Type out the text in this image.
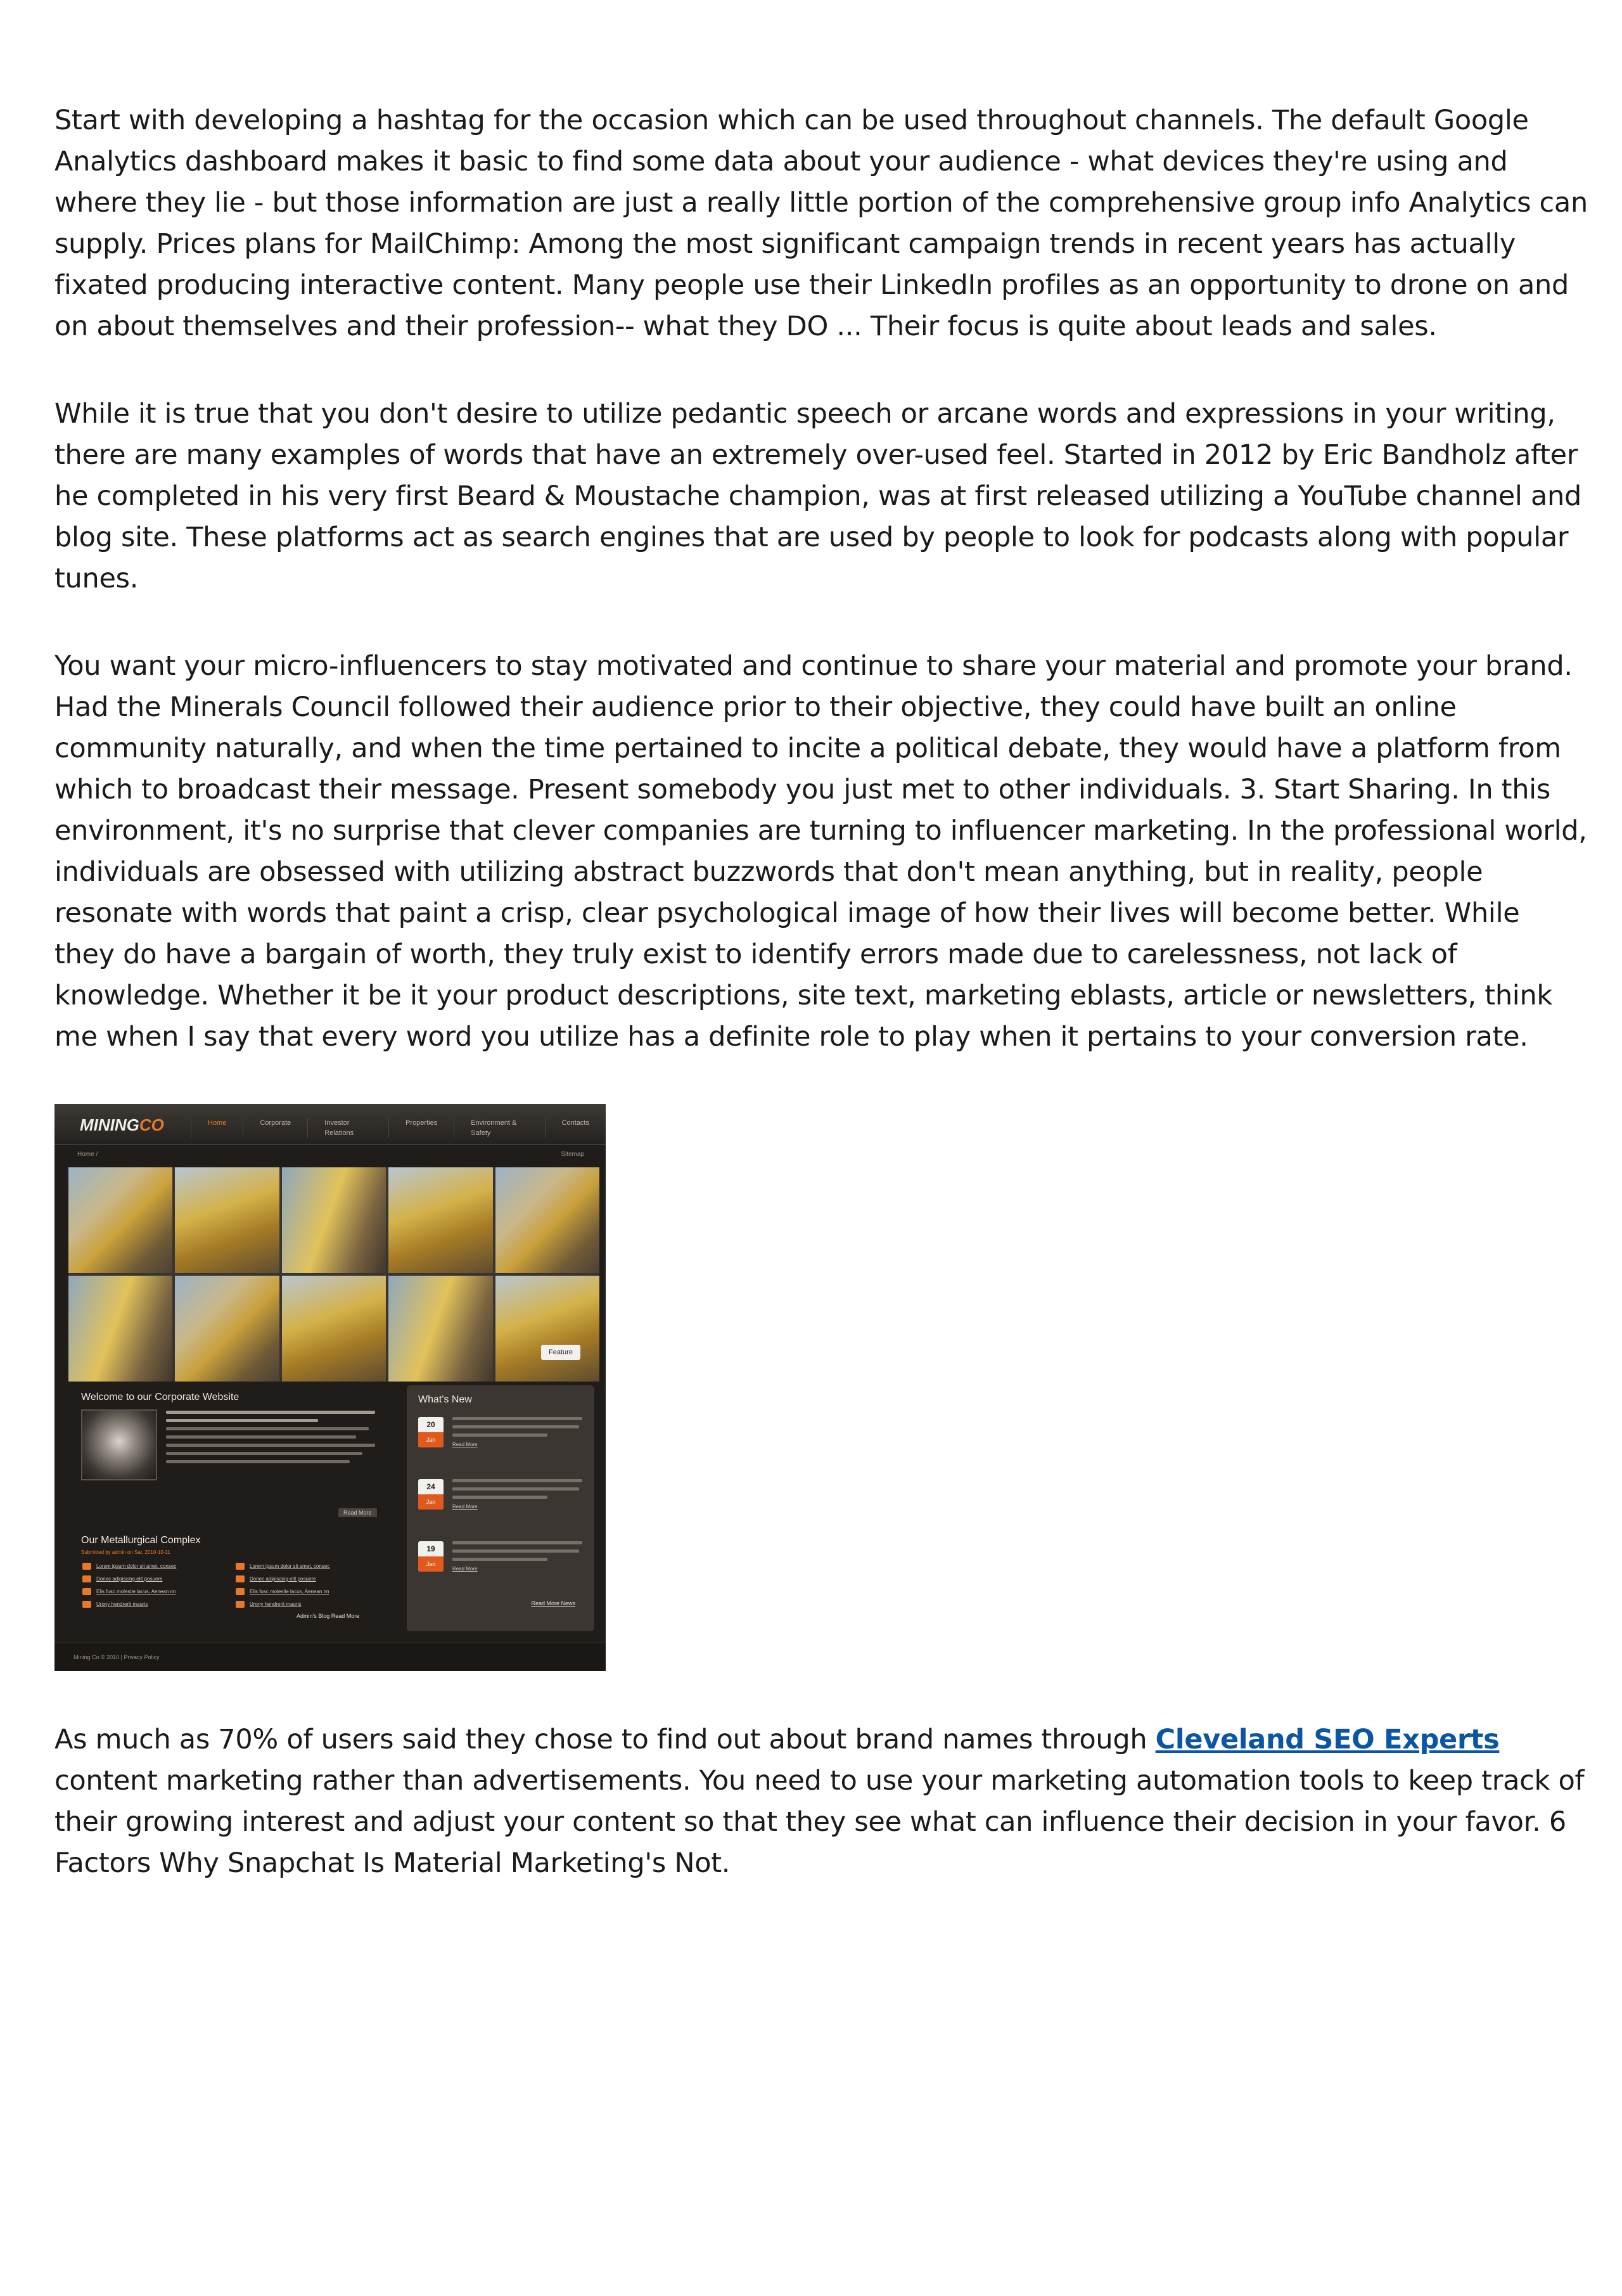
Start with developing a hashtag for the occasion which can be used throughout channels. The default Google Analytics dashboard makes it basic to find some data about your audience - what devices they're using and where they lie - but those information are just a really little portion of the comprehensive group info Analytics can supply. Prices plans for MailChimp: Among the most significant campaign trends in recent years has actually fixated producing interactive content. Many people use their LinkedIn profiles as an opportunity to drone on and on about themselves and their profession-- what they DO ... Their focus is quite about leads and sales.

While it is true that you don't desire to utilize pedantic speech or arcane words and expressions in your writing, there are many examples of words that have an extremely over-used feel. Started in 2012 by Eric Bandholz after he completed in his very first Beard & Moustache champion, was at first released utilizing a YouTube channel and blog site. These platforms act as search engines that are used by people to look for podcasts along with popular tunes.

You want your micro-influencers to stay motivated and continue to share your material and promote your brand. Had the Minerals Council followed their audience prior to their objective, they could have built an online community naturally, and when the time pertained to incite a political debate, they would have a platform from which to broadcast their message. Present somebody you just met to other individuals. 3. Start Sharing. In this environment, it's no surprise that clever companies are turning to influencer marketing. In the professional world, individuals are obsessed with utilizing abstract buzzwords that don't mean anything, but in reality, people resonate with words that paint a crisp, clear psychological image of how their lives will become better. While they do have a bargain of worth, they truly exist to identify errors made due to carelessness, not lack of knowledge. Whether it be it your product descriptions, site text, marketing eblasts, article or newsletters, think me when I say that every word you utilize has a definite role to play when it pertains to your conversion rate.

MININGCO	Home	Corporate	Investor Relations
Properties	Environment & Safety
Contacts
Home /	Sitemap
Feature
Welcome to our Corporate Website
Read More
Our Metallurgical Complex
Submitted by admin on Sat, 2010-10-11
Lorem ipsum dolor sit amet, consec
Donec adipiscing elit posuere
Elis fusc molestie lacus, Aenean nn
Urony hendrerit mauris
Lorem ipsum dolor sit amet, consec
Donec adipiscing elit posuere
Elis fusc molestie lacus, Aenean nn
Urony hendrerit mauris
Admin's Blog Read More
What's New
20
Jan
Read More
24
Jan
Read More
19
Jan
Read More
Read More News
Mining Co © 2010 | Privacy Policy

As much as 70% of users said they chose to find out about brand names through Cleveland SEO Experts content marketing rather than advertisements. You need to use your marketing automation tools to keep track of their growing interest and adjust your content so that they see what can influence their decision in your favor. 6 Factors Why Snapchat Is Material Marketing's Not.
